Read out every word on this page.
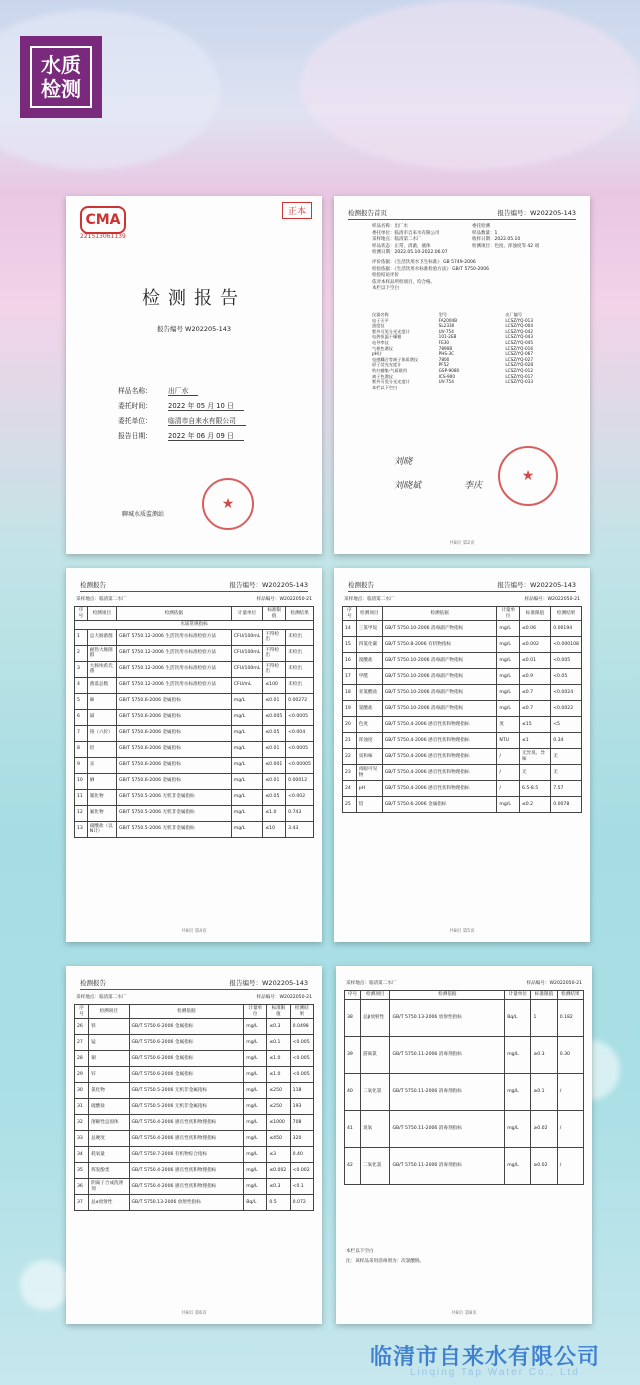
水质
检测
CMA
221513061139
正本
检测报告
报告编号 W202205-143
样品名称： 出厂水
委托时间： 2022 年 05 月 10 日
委托单位： 临清市自来水有限公司
报告日期： 2022 年 06 月 09 日
★
聊城水质监测站
检测报告首页	报告编号：W202205-143
样品名称：出厂水	委托检测
委托单位：临清市自来水有限公司	样品数量：1
采样地点：临清第二水厂	收样日期：2022.05.10
样品状态：正常，清澈，液体	检测项目：色度、浑浊度等 42 项
检测日期：2022.05.10-2022.06.07
评价依据：《生活饮用水卫生标准》 GB 5749-2006
检验依据：《生活饮用水标准检验方法》 GB/T 5750-2006
检验结论评价
依对本样品所检项目，均合格。
本栏以下空白
仪器名称	型号	出厂编号
电子天平	FA2004B	LCSZ/YQ-013
浊度仪	SL2330	LCSZ/YQ-004
紫外可见分光光度计	UV-754	LCSZ/YQ-042
电热恒温干燥箱	101-2EB	LCSZ/YQ-043
电导率仪	FE30	LCSZ/YQ-045
气相色谱仪	7890B	LCSZ/YQ-016
pH计	PHS-3C	LCSZ/YQ-067
电感耦合等离子体质谱仪	7800	LCSZ/YQ-027
原子荧光光度计	PF52	LCSZ/YQ-028
吹扫捕集-气质联用	GSP-9080	LCSZ/YQ-012
离子色谱仪	ICS-900	LCSZ/YQ-017
紫外可见分光光度计	UV-754	LCSZ/YQ-033
本栏以下空白
刘晓
刘晓斌	李庆
★
共8页 第2页
检测报告	报告编号：W202205-143
采样地点：临清第二水厂	样品编号：W2022050-21
序号	检测项目	检测依据	计量单位	标准限值	检测结果
水质常规指标					
1	总大肠菌群	GB/T 5750.12-2006 生活饮用水标准检验方法	CFU/100mL	不得检出	未检出
2	耐热大肠菌群	GB/T 5750.12-2006 生活饮用水标准检验方法	CFU/100mL	不得检出	未检出
3	大肠埃希氏菌	GB/T 5750.12-2006 生活饮用水标准检验方法	CFU/100mL	不得检出	未检出
4	菌落总数	GB/T 5750.12-2006 生活饮用水标准检验方法	CFU/mL	≤100	未检出
5	砷	GB/T 5750.6-2006 金属指标	mg/L	≤0.01	0.00272
6	镉	GB/T 5750.6-2006 金属指标	mg/L	≤0.005	<0.0005
7	铬（六价）	GB/T 5750.6-2006 金属指标	mg/L	≤0.05	<0.004
8	铅	GB/T 5750.6-2006 金属指标	mg/L	≤0.01	<0.0005
9	汞	GB/T 5750.6-2006 金属指标	mg/L	≤0.001	<0.00005
10	硒	GB/T 5750.6-2006 金属指标	mg/L	≤0.01	0.00012
11	氰化物	GB/T 5750.5-2006 无机非金属指标	mg/L	≤0.05	<0.002
12	氟化物	GB/T 5750.5-2006 无机非金属指标	mg/L	≤1.0	0.743
13	硝酸盐（以N计）	GB/T 5750.5-2006 无机非金属指标	mg/L	≤10	3.43
共8页 第4页
检测报告	报告编号：W202205-143
采样地点：临清第二水厂	样品编号：W2022050-21
序号	检测项目	检测依据	计量单位	标准限值	检测结果
14	三氯甲烷	GB/T 5750.10-2006 消毒副产物指标	mg/L	≤0.06	0.00194
15	四氯化碳	GB/T 5750.8-2006 有机物指标	mg/L	≤0.002	<0.000108
16	溴酸盐	GB/T 5750.10-2006 消毒副产物指标	mg/L	≤0.01	<0.005
17	甲醛	GB/T 5750.10-2006 消毒副产物指标	mg/L	≤0.9	<0.05
18	亚氯酸盐	GB/T 5750.10-2006 消毒副产物指标	mg/L	≤0.7	<0.0024
19	氯酸盐	GB/T 5750.10-2006 消毒副产物指标	mg/L	≤0.7	<0.0022
20	色度	GB/T 5750.4-2006 感官性状和物理指标	度	≤15	<5
21	浑浊度	GB/T 5750.4-2006 感官性状和物理指标	NTU	≤1	0.34
22	臭和味	GB/T 5750.4-2006 感官性状和物理指标	/	无异臭、异味	无
23	肉眼可见物	GB/T 5750.4-2006 感官性状和物理指标	/	无	无
24	pH	GB/T 5750.4-2006 感官性状和物理指标	/	6.5-8.5	7.57
25	铝	GB/T 5750.6-2006 金属指标	mg/L	≤0.2	0.0078
共8页 第5页
检测报告	报告编号：W202205-143
采样地点：临清第二水厂	样品编号：W2022050-21
序号	检测项目	检测依据	计量单位	标准限值	检测结果
26	铁	GB/T 5750.6-2006 金属指标	mg/L	≤0.3	0.0498
27	锰	GB/T 5750.6-2006 金属指标	mg/L	≤0.1	<0.005
28	铜	GB/T 5750.6-2006 金属指标	mg/L	≤1.0	<0.005
29	锌	GB/T 5750.6-2006 金属指标	mg/L	≤1.0	<0.005
30	氯化物	GB/T 5750.5-2006 无机非金属指标	mg/L	≤250	118
31	硫酸盐	GB/T 5750.5-2006 无机非金属指标	mg/L	≤250	193
32	溶解性总固体	GB/T 5750.4-2006 感官性状和物理指标	mg/L	≤1000	708
33	总硬度	GB/T 5750.4-2006 感官性状和物理指标	mg/L	≤450	320
34	耗氧量	GB/T 5750.7-2006 有机物综合指标	mg/L	≤3	0.40
35	挥发酚类	GB/T 5750.4-2006 感官性状和物理指标	mg/L	≤0.002	<0.002
36	阴离子合成洗涤剂	GB/T 5750.4-2006 感官性状和物理指标	mg/L	≤0.3	<0.1
37	总α放射性	GB/T 5750.13-2006 放射性指标	Bq/L	0.5	0.072
共8页 第6页
采样地点：临清第二水厂	样品编号：W2022050-21
序号	检测项目	检测依据	计量单位	标准限值	检测结果
38	总β放射性	GB/T 5750.13-2006 放射性指标	Bq/L	1	0.182
39	游离氯	GB/T 5750.11-2006 消毒剂指标	mg/L	≥0.3	0.30
40	二氧化氯	GB/T 5750.11-2006 消毒剂指标	mg/L	≥0.1	/
41	臭氧	GB/T 5750.11-2006 消毒剂指标	mg/L	≥0.02	/
42	二氧化氯	GB/T 5750.11-2006 消毒剂指标	mg/L	≥0.02	/
本栏以下空白
注：该样品采用消毒剂为：次氯酸钠。
共8页 第8页
临清市自来水有限公司
Linqing Tap Water Co., Ltd
